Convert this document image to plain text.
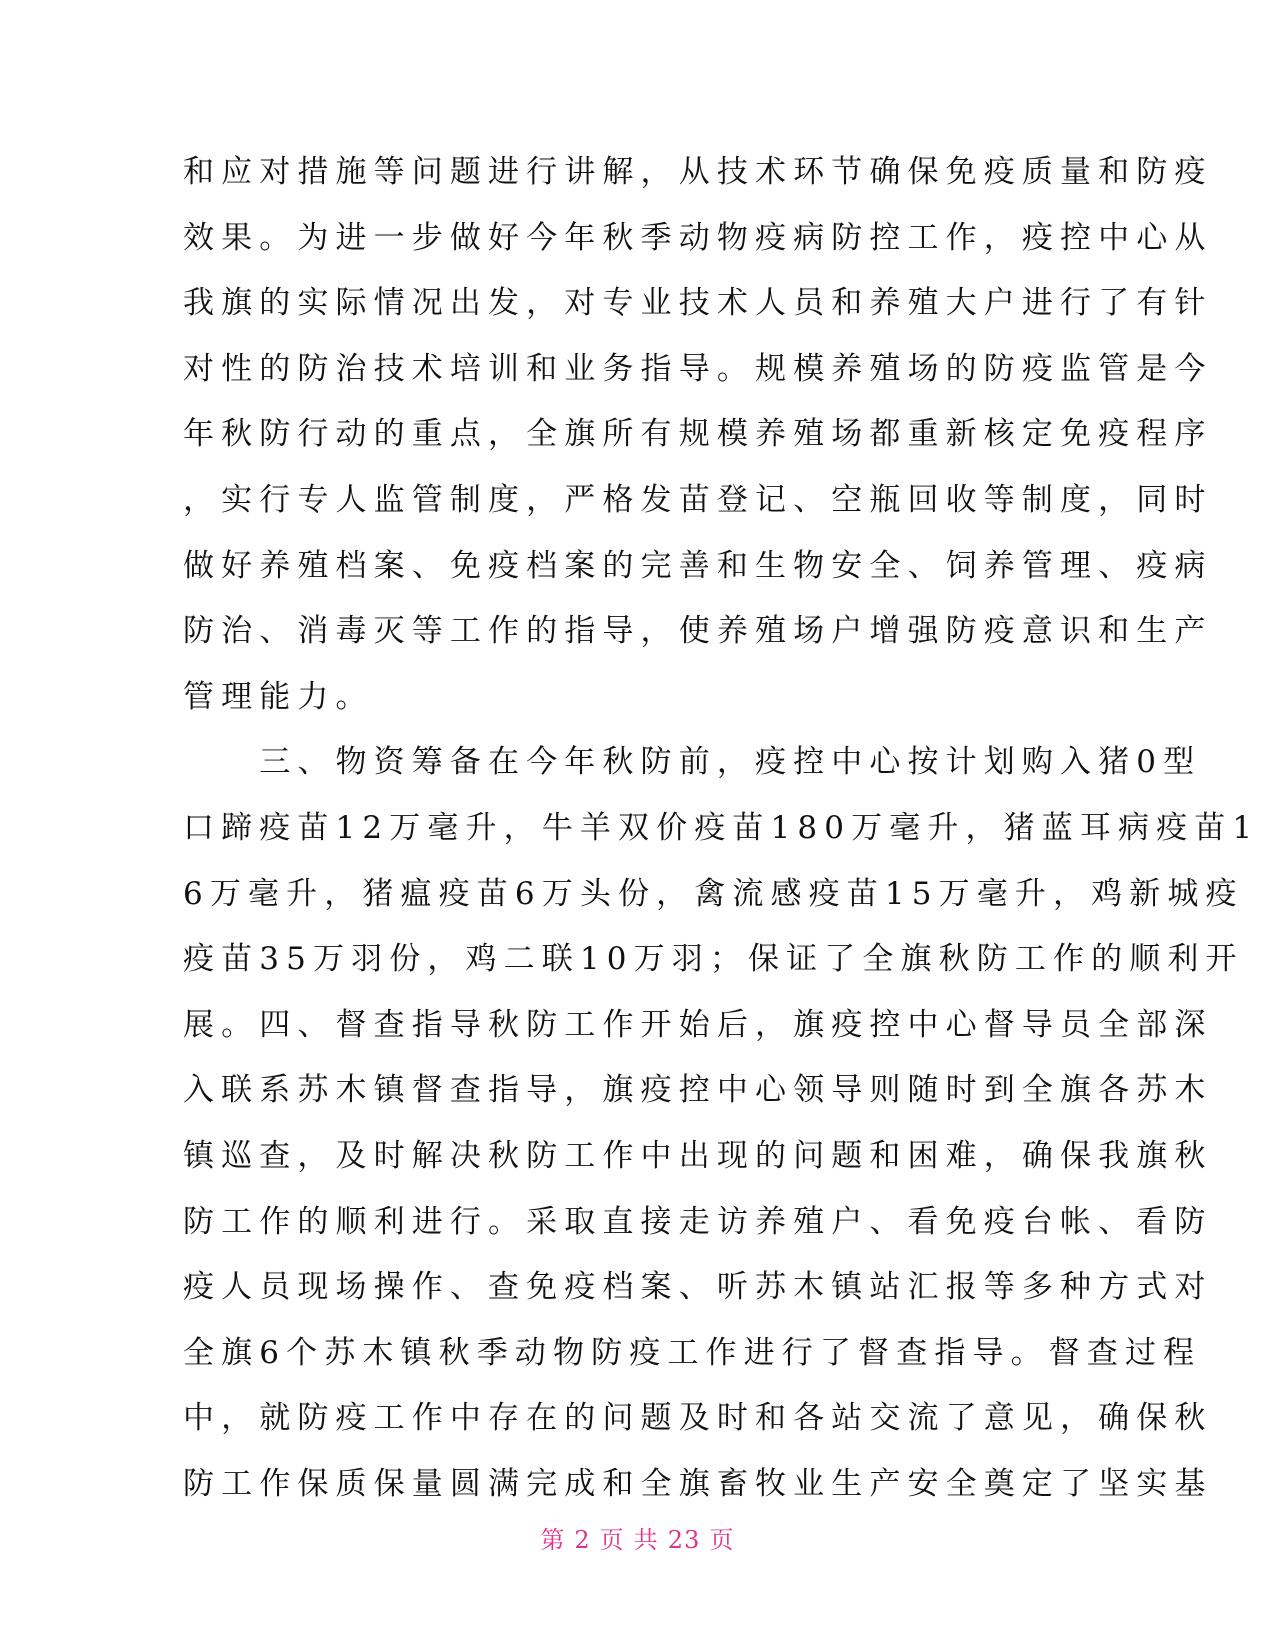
和应对措施等问题进行讲解，从技术环节确保免疫质量和防疫
效果。为进一步做好今年秋季动物疫病防控工作，疫控中心从
我旗的实际情况出发，对专业技术人员和养殖大户进行了有针
对性的防治技术培训和业务指导。规模养殖场的防疫监管是今
年秋防行动的重点，全旗所有规模养殖场都重新核定免疫程序
，实行专人监管制度，严格发苗登记、空瓶回收等制度，同时
做好养殖档案、免疫档案的完善和生物安全、饲养管理、疫病
防治、消毒灭等工作的指导，使养殖场户增强防疫意识和生产
管理能力。
　　三、物资筹备在今年秋防前，疫控中心按计划购入猪0型
口蹄疫苗12万毫升，牛羊双价疫苗180万毫升，猪蓝耳病疫苗1
6万毫升，猪瘟疫苗6万头份，禽流感疫苗15万毫升，鸡新城疫
疫苗35万羽份，鸡二联10万羽；保证了全旗秋防工作的顺利开
展。四、督查指导秋防工作开始后，旗疫控中心督导员全部深
入联系苏木镇督查指导，旗疫控中心领导则随时到全旗各苏木
镇巡查，及时解决秋防工作中出现的问题和困难，确保我旗秋
防工作的顺利进行。采取直接走访养殖户、看免疫台帐、看防
疫人员现场操作、查免疫档案、听苏木镇站汇报等多种方式对
全旗6个苏木镇秋季动物防疫工作进行了督查指导。督查过程
中，就防疫工作中存在的问题及时和各站交流了意见，确保秋
防工作保质保量圆满完成和全旗畜牧业生产安全奠定了坚实基
第 2 页 共 23 页
